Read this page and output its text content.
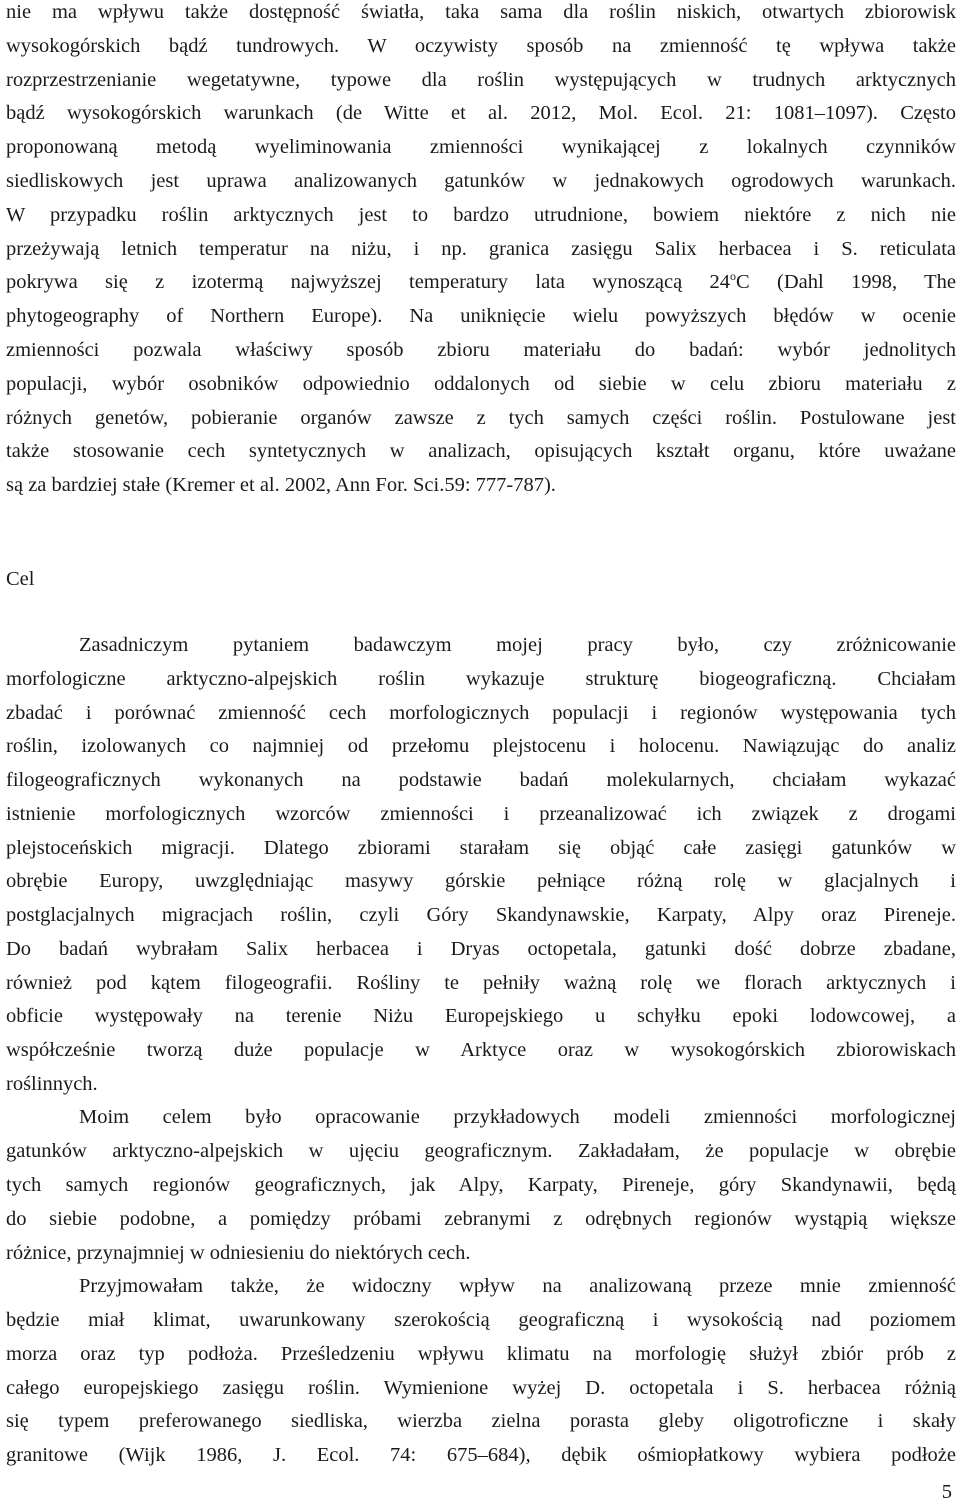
nie ma wpływu także dostępność światła, taka sama dla roślin niskich, otwartych zbiorowisk
wysokogórskich bądź tundrowych. W oczywisty sposób na zmienność tę wpływa także
rozprzestrzenianie wegetatywne, typowe dla roślin występujących w trudnych arktycznych
bądź wysokogórskich warunkach (de Witte et al. 2012, Mol. Ecol. 21: 1081–1097). Często
proponowaną metodą wyeliminowania zmienności wynikającej z lokalnych czynników
siedliskowych jest uprawa analizowanych gatunków w jednakowych ogrodowych warunkach.
W przypadku roślin arktycznych jest to bardzo utrudnione, bowiem niektóre z nich nie
przeżywają letnich temperatur na niżu, i np. granica zasięgu Salix herbacea i S. reticulata
pokrywa się z izotermą najwyższej temperatury lata wynoszącą 24$^o$C (Dahl 1998, The
phytogeography of Northern Europe). Na uniknięcie wielu powyższych błędów w ocenie
zmienności pozwala właściwy sposób zbioru materiału do badań: wybór jednolitych
populacji, wybór osobników odpowiednio oddalonych od siebie w celu zbioru materiału z
różnych genetów, pobieranie organów zawsze z tych samych części roślin. Postulowane jest
także stosowanie cech syntetycznych w analizach, opisujących kształt organu, które uważane
są za bardziej stałe (Kremer et al. 2002, Ann For. Sci.59: 777-787).
Cel
Zasadniczym pytaniem badawczym mojej pracy było, czy zróżnicowanie
morfologiczne arktyczno-alpejskich roślin wykazuje strukturę biogeograficzną. Chciałam
zbadać i porównać zmienność cech morfologicznych populacji i regionów występowania tych
roślin, izolowanych co najmniej od przełomu plejstocenu i holocenu. Nawiązując do analiz
filogeograficznych wykonanych na podstawie badań molekularnych, chciałam wykazać
istnienie morfologicznych wzorców zmienności i przeanalizować ich związek z drogami
plejstoceńskich migracji. Dlatego zbiorami starałam się objąć całe zasięgi gatunków w
obrębie Europy, uwzględniając masywy górskie pełniące różną rolę w glacjalnych i
postglacjalnych migracjach roślin, czyli Góry Skandynawskie, Karpaty, Alpy oraz Pireneje.
Do badań wybrałam Salix herbacea i Dryas octopetala, gatunki dość dobrze zbadane,
również pod kątem filogeografii. Rośliny te pełniły ważną rolę we florach arktycznych i
obficie występowały na terenie Niżu Europejskiego u schyłku epoki lodowcowej, a
współcześnie tworzą duże populacje w Arktyce oraz w wysokogórskich zbiorowiskach
roślinnych.
Moim celem było opracowanie przykładowych modeli zmienności morfologicznej
gatunków arktyczno-alpejskich w ujęciu geograficznym. Zakładałam, że populacje w obrębie
tych samych regionów geograficznych, jak Alpy, Karpaty, Pireneje, góry Skandynawii, będą
do siebie podobne, a pomiędzy próbami zebranymi z odrębnych regionów wystąpią większe
różnice, przynajmniej w odniesieniu do niektórych cech.
Przyjmowałam także, że widoczny wpływ na analizowaną przeze mnie zmienność
będzie miał klimat, uwarunkowany szerokością geograficzną i wysokością nad poziomem
morza oraz typ podłoża. Prześledzeniu wpływu klimatu na morfologię służył zbiór prób z
całego europejskiego zasięgu roślin. Wymienione wyżej D. octopetala i S. herbacea różnią
się typem preferowanego siedliska, wierzba zielna porasta gleby oligotroficzne i skały
granitowe (Wijk 1986, J. Ecol. 74: 675–684), dębik ośmiopłatkowy wybiera podłoże
5
